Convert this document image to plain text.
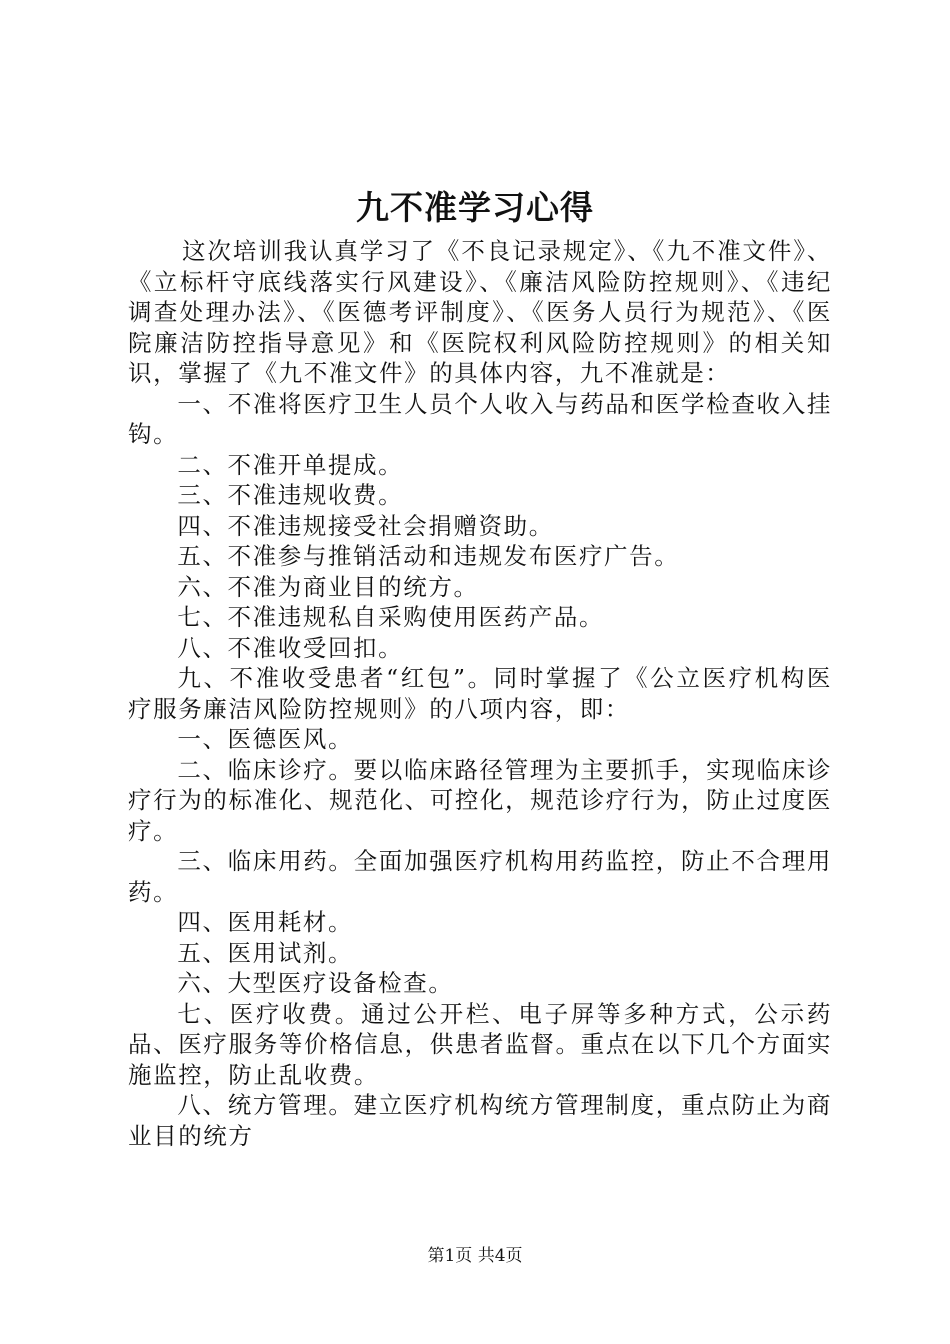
九不准学习心得

这次培训我认真学习了《不良记录规定》、《九不准文件》、《立标杆守底线落实行风建设》、《廉洁风险防控规则》、《违纪调查处理办法》、《医德考评制度》、《医务人员行为规范》、《医院廉洁防控指导意见》和《医院权利风险防控规则》的相关知识，掌握了《九不准文件》的具体内容，九不准就是：

一、不准将医疗卫生人员个人收入与药品和医学检查收入挂钩。

二、不准开单提成。

三、不准违规收费。

四、不准违规接受社会捐赠资助。

五、不准参与推销活动和违规发布医疗广告。

六、不准为商业目的统方。

七、不准违规私自采购使用医药产品。

八、不准收受回扣。

九、不准收受患者“红包”。同时掌握了《公立医疗机构医疗服务廉洁风险防控规则》的八项内容，即：

一、医德医风。

二、临床诊疗。要以临床路径管理为主要抓手，实现临床诊疗行为的标准化、规范化、可控化，规范诊疗行为，防止过度医疗。

三、临床用药。全面加强医疗机构用药监控，防止不合理用药。

四、医用耗材。

五、医用试剂。

六、大型医疗设备检查。

七、医疗收费。通过公开栏、电子屏等多种方式，公示药品、医疗服务等价格信息，供患者监督。重点在以下几个方面实施监控，防止乱收费。

八、统方管理。建立医疗机构统方管理制度，重点防止为商业目的统方

第1页 共4页
